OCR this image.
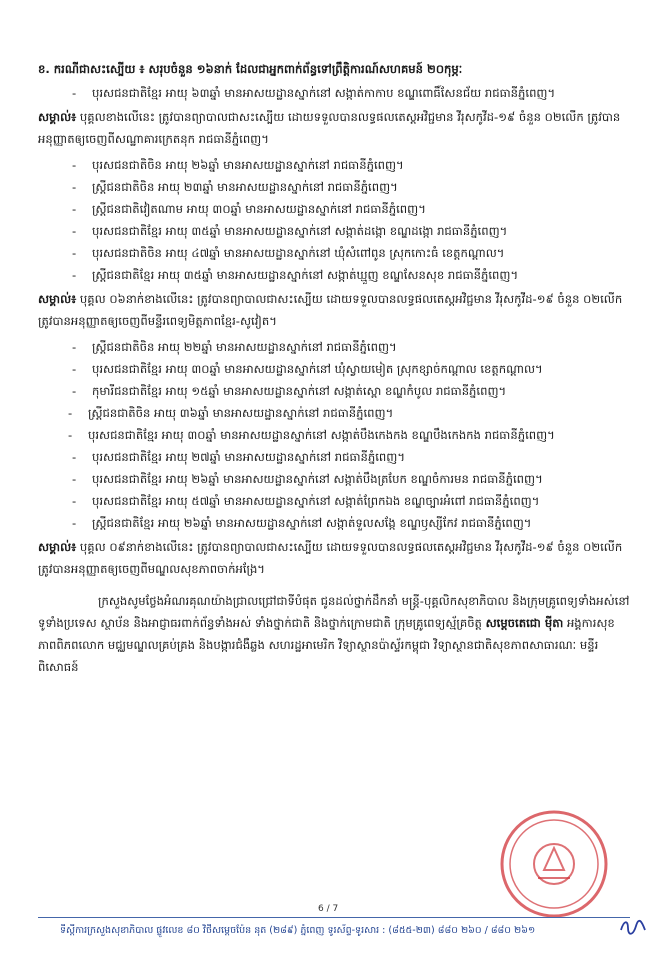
ខ. ករណីជាសះស្បើយ ៖ សរុបចំនួន ១៦នាក់ ដែលជាអ្នកពាក់ព័ន្ធទៅព្រឹត្តិការណ៍សហគមន៍ ២០កុម្ភៈ
- បុរសជនជាតិខ្មែរ អាយុ ៦៣ឆ្នាំ មានអាសយដ្ឋានស្នាក់នៅ សង្កាត់កាកាប ខណ្ឌពោធិ៍សែនជ័យ រាជធានីភ្នំពេញ។
សម្គាល់៖ បុគ្គលខាងលើនេះ ត្រូវបានព្យាបាលជាសះស្បើយ ដោយទទួលបានលទ្ធផលតេស្តអវិជ្ជមាន វីរុសកូវីដ-១៩ ចំនួន ០២លើក ត្រូវបានអនុញ្ញាតឲ្យចេញពីសណ្ឋាគារក្រេតនុក រាជធានីភ្នំពេញ។
- បុរសជនជាតិចិន អាយុ ២៦ឆ្នាំ មានអាសយដ្ឋានស្នាក់នៅ រាជធានីភ្នំពេញ។
- ស្ត្រីជនជាតិចិន អាយុ ២៣ឆ្នាំ មានអាសយដ្ឋានស្នាក់នៅ រាជធានីភ្នំពេញ។
- ស្ត្រីជនជាតិវៀតណាម អាយុ ៣០ឆ្នាំ មានអាសយដ្ឋានស្នាក់នៅ រាជធានីភ្នំពេញ។
- បុរសជនជាតិខ្មែរ អាយុ ៣៥ឆ្នាំ មានអាសយដ្ឋានស្នាក់នៅ សង្កាត់ដង្កោ ខណ្ឌដង្កោ រាជធានីភ្នំពេញ។
- បុរសជនជាតិចិន អាយុ ៤៧ឆ្នាំ មានអាសយដ្ឋានស្នាក់នៅ ឃុំសំពៅពូន ស្រុកកោះធំ ខេត្តកណ្តាល។
- ស្ត្រីជនជាតិខ្មែរ អាយុ ៣៥ឆ្នាំ មានអាសយដ្ឋានស្នាក់នៅ សង្កាត់ឃ្មួញ ខណ្ឌសែនសុខ រាជធានីភ្នំពេញ។
សម្គាល់៖ បុគ្គល ០៦នាក់ខាងលើនេះ ត្រូវបានព្យាបាលជាសះស្បើយ ដោយទទួលបានលទ្ធផលតេស្តអវិជ្ជមាន វីរុសកូវីដ-១៩ ចំនួន ០២លើក ត្រូវបានអនុញ្ញាតឲ្យចេញពីមន្ទីរពេទ្យមិត្តភាពខ្មែរ-សូវៀត។
- ស្ត្រីជនជាតិចិន អាយុ ២២ឆ្នាំ មានអាសយដ្ឋានស្នាក់នៅ រាជធានីភ្នំពេញ។
- បុរសជនជាតិខ្មែរ អាយុ ៣០ឆ្នាំ មានអាសយដ្ឋានស្នាក់នៅ ឃុំស្វាយមៀត ស្រុកខ្សាច់កណ្តាល ខេត្តកណ្តាល។
- កុមារីជនជាតិខ្មែរ អាយុ ១៥ឆ្នាំ មានអាសយដ្ឋានស្នាក់នៅ សង្កាត់ស្ពោ ខណ្ឌកំបូល រាជធានីភ្នំពេញ។
- ស្ត្រីជនជាតិចិន អាយុ ៣៦ឆ្នាំ មានអាសយដ្ឋានស្នាក់នៅ រាជធានីភ្នំពេញ។
- បុរសជនជាតិខ្មែរ អាយុ ៣០ឆ្នាំ មានអាសយដ្ឋានស្នាក់នៅ សង្កាត់បឹងកេងកង ខណ្ឌបឹងកេងកង រាជធានីភ្នំពេញ។
- បុរសជនជាតិខ្មែរ អាយុ ២៧ឆ្នាំ មានអាសយដ្ឋានស្នាក់នៅ រាជធានីភ្នំពេញ។
- បុរសជនជាតិខ្មែរ អាយុ ២៦ឆ្នាំ មានអាសយដ្ឋានស្នាក់នៅ សង្កាត់បឹងត្របែក ខណ្ឌចំការមន រាជធានីភ្នំពេញ។
- បុរសជនជាតិខ្មែរ អាយុ ៥៧ឆ្នាំ មានអាសយដ្ឋានស្នាក់នៅ សង្កាត់ព្រែកឯង ខណ្ឌច្បារអំពៅ រាជធានីភ្នំពេញ។
- ស្ត្រីជនជាតិខ្មែរ អាយុ ២៦ឆ្នាំ មានអាសយដ្ឋានស្នាក់នៅ សង្កាត់ទួលសង្កែ ខណ្ឌឫស្សីកែវ រាជធានីភ្នំពេញ។
សម្គាល់៖ បុគ្គល ០៩នាក់ខាងលើនេះ ត្រូវបានព្យាបាលជាសះស្បើយ ដោយទទួលបានលទ្ធផលតេស្តអវិជ្ជមាន វីរុសកូវីដ-១៩ ចំនួន ០២លើក ត្រូវបានអនុញ្ញាតឲ្យចេញពីមណ្ឌលសុខភាពចាក់អង្រែ។
ក្រសួងសូមថ្លែងអំណរគុណយ៉ាងជ្រាលជ្រៅជាទីបំផុត ជូនដល់ថ្នាក់ដឹកនាំ មន្ត្រី-បុគ្គលិកសុខាភិបាល និងក្រុមគ្រូពេទ្យទាំងអស់នៅទូទាំងប្រទេស ស្ថាប័ន និងអាជ្ញាធរពាក់ព័ន្ធទាំងអស់ ទាំងថ្នាក់ជាតិ និងថ្នាក់ក្រោមជាតិ ក្រុមគ្រូពេទ្យស្ម័គ្រចិត្ត សម្តេចតេជោ ម៉ីតា អង្គការសុខភាពពិភពលោក មជ្ឈមណ្ឌលគ្រប់គ្រង និងបង្ការជំងឺឆ្លង សហរដ្ឋអាមេរិក វិទ្យាស្ថានប៉ាស្ទ័រកម្ពុជា វិទ្យាស្ថានជាតិសុខភាពសាធារណៈ មន្ទីរពិសោធន៍
6 / 7
ទីស្តីការក្រសួងសុខាភិបាល ផ្លូវលេខ ៨០ វិថីសម្តេចប៉ែន នុត (២៨៩) ភ្នំពេញ ទូរស័ព្ទ-ទូរសារ : (៨៥៥-២៣) ៨៨០ ២៦០ / ៨៨០ ២៦១
